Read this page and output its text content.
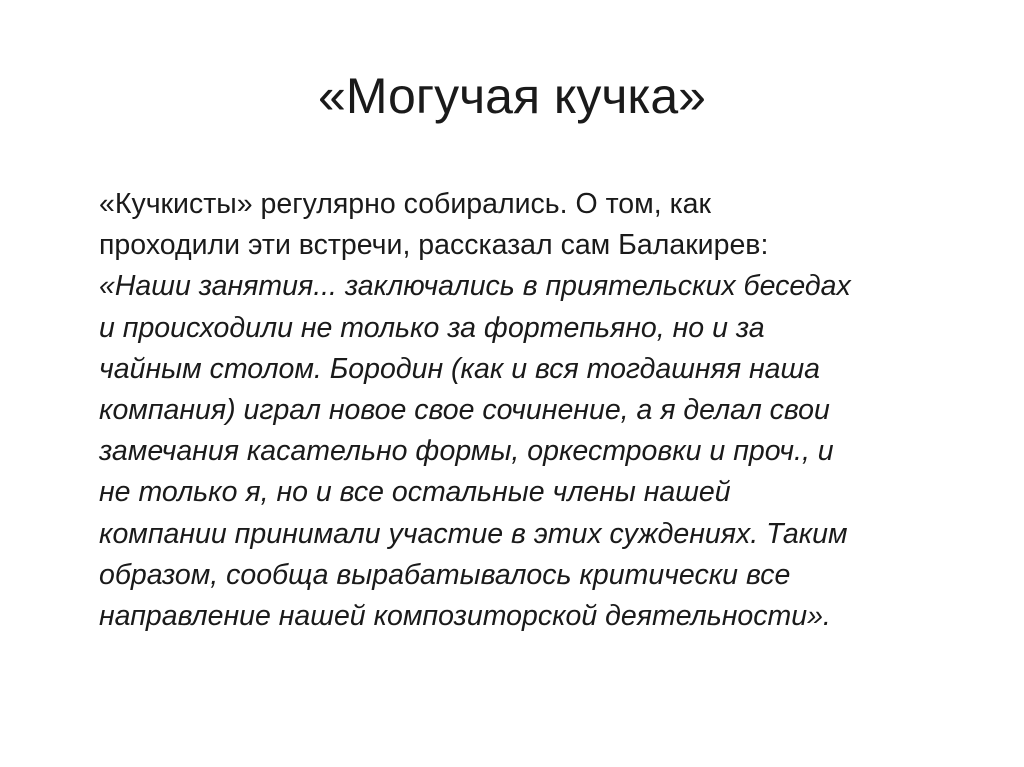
«Могучая кучка»
«Кучкисты» регулярно собирались. О том, как
проходили эти встречи, рассказал сам Балакирев:
«Наши занятия... заключались в приятельских беседах
и происходили не только за фортепьяно, но и за
чайным столом. Бородин (как и вся тогдашняя наша
компания) играл новое свое сочинение, а я делал свои
замечания касательно формы, оркестровки и проч., и
не только я, но и все остальные члены нашей
компании принимали участие в этих суждениях. Таким
образом, сообща вырабатывалось критически все
направление нашей композиторской деятельности».
